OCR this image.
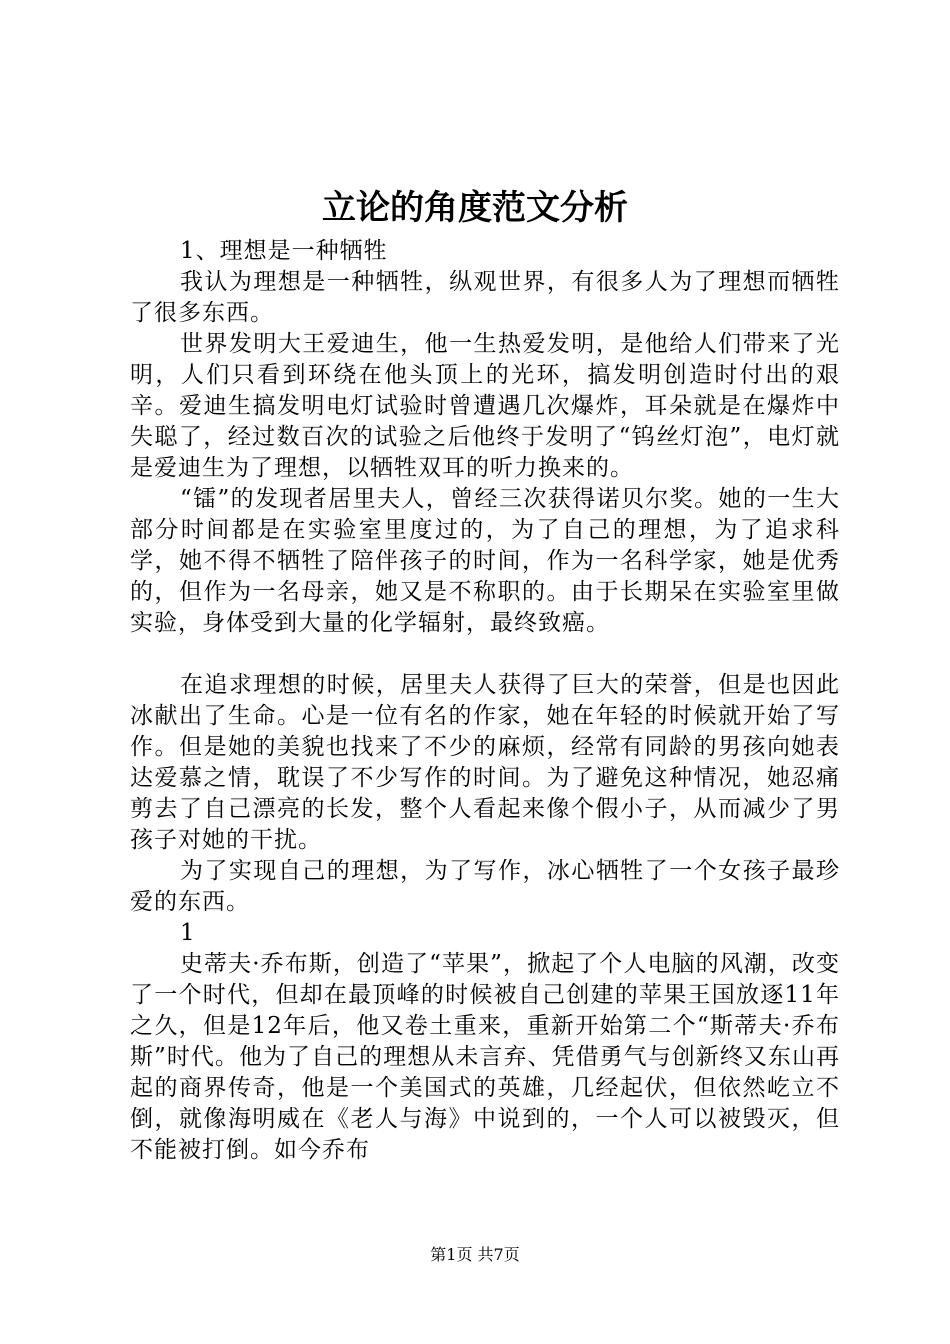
立论的角度范文分析

1、理想是一种牺牲

我认为理想是一种牺牲，纵观世界，有很多人为了理想而牺牲了很多东西。

世界发明大王爱迪生，他一生热爱发明，是他给人们带来了光明，人们只看到环绕在他头顶上的光环，搞发明创造时付出的艰辛。爱迪生搞发明电灯试验时曾遭遇几次爆炸，耳朵就是在爆炸中失聪了，经过数百次的试验之后他终于发明了“钨丝灯泡”，电灯就是爱迪生为了理想，以牺牲双耳的听力换来的。

“镭”的发现者居里夫人，曾经三次获得诺贝尔奖。她的一生大部分时间都是在实验室里度过的，为了自己的理想，为了追求科学，她不得不牺牲了陪伴孩子的时间，作为一名科学家，她是优秀的，但作为一名母亲，她又是不称职的。由于长期呆在实验室里做实验，身体受到大量的化学辐射，最终致癌。

在追求理想的时候，居里夫人获得了巨大的荣誉，但是也因此冰献出了生命。心是一位有名的作家，她在年轻的时候就开始了写作。但是她的美貌也找来了不少的麻烦，经常有同龄的男孩向她表达爱慕之情，耽误了不少写作的时间。为了避免这种情况，她忍痛剪去了自己漂亮的长发，整个人看起来像个假小子，从而减少了男孩子对她的干扰。

为了实现自己的理想，为了写作，冰心牺牲了一个女孩子最珍爱的东西。

1

史蒂夫·乔布斯，创造了“苹果”，掀起了个人电脑的风潮，改变了一个时代，但却在最顶峰的时候被自己创建的苹果王国放逐11年之久，但是12年后，他又卷土重来，重新开始第二个“斯蒂夫·乔布斯”时代。他为了自己的理想从未言弃、凭借勇气与创新终又东山再起的商界传奇，他是一个美国式的英雄，几经起伏，但依然屹立不倒，就像海明威在《老人与海》中说到的，一个人可以被毁灭，但不能被打倒。如今乔布

第1页 共7页
